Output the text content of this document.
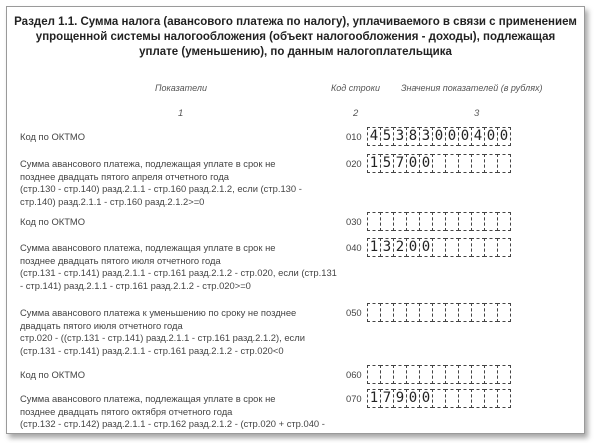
Раздел 1.1. Сумма налога (авансового платежа по налогу), уплачиваемого в связи с применением
упрощенной системы налогообложения (объект налогообложения - доходы), подлежащая
уплате (уменьшению), по данным налогоплательщика
Показатели	Код строки Значения показателей (в рублях)
1	2	3
Код по ОКТМО	010 4 5 3 8 3 0 0 0 4 0 0
Сумма авансового платежа, подлежащая уплате в срок не
позднее двадцать пятого апреля отчетного года
(стр.130 - стр.140) разд.2.1.1 - стр.160 разд.2.1.2, если (стр.130 -
стр.140) разд.2.1.1 - стр.160 разд.2.1.2>=0
020 1 5 7 0 0
Код по ОКТМО	030
Сумма авансового платежа, подлежащая уплате в срок не
позднее двадцать пятого июля отчетного года
(стр.131 - стр.141) разд.2.1.1 - стр.161 разд.2.1.2 - стр.020, если (стр.131
- стр.141) разд.2.1.1 - стр.161 разд.2.1.2 - стр.020>=0
040 1 3 2 0 0
Сумма авансового платежа к уменьшению по сроку не позднее
двадцать пятого июля отчетного года
стр.020 - ((стр.131 - стр.141) разд.2.1.1 - стр.161 разд.2.1.2), если
(стр.131 - стр.141) разд.2.1.1 - стр.161 разд.2.1.2 - стр.020<0
050
Код по ОКТМО	060
Сумма авансового платежа, подлежащая уплате в срок не
позднее двадцать пятого октября отчетного года
(стр.132 - стр.142) разд.2.1.1 - стр.162 разд.2.1.2 - (стр.020 + стр.040 -
070 1 7 9 0 0
